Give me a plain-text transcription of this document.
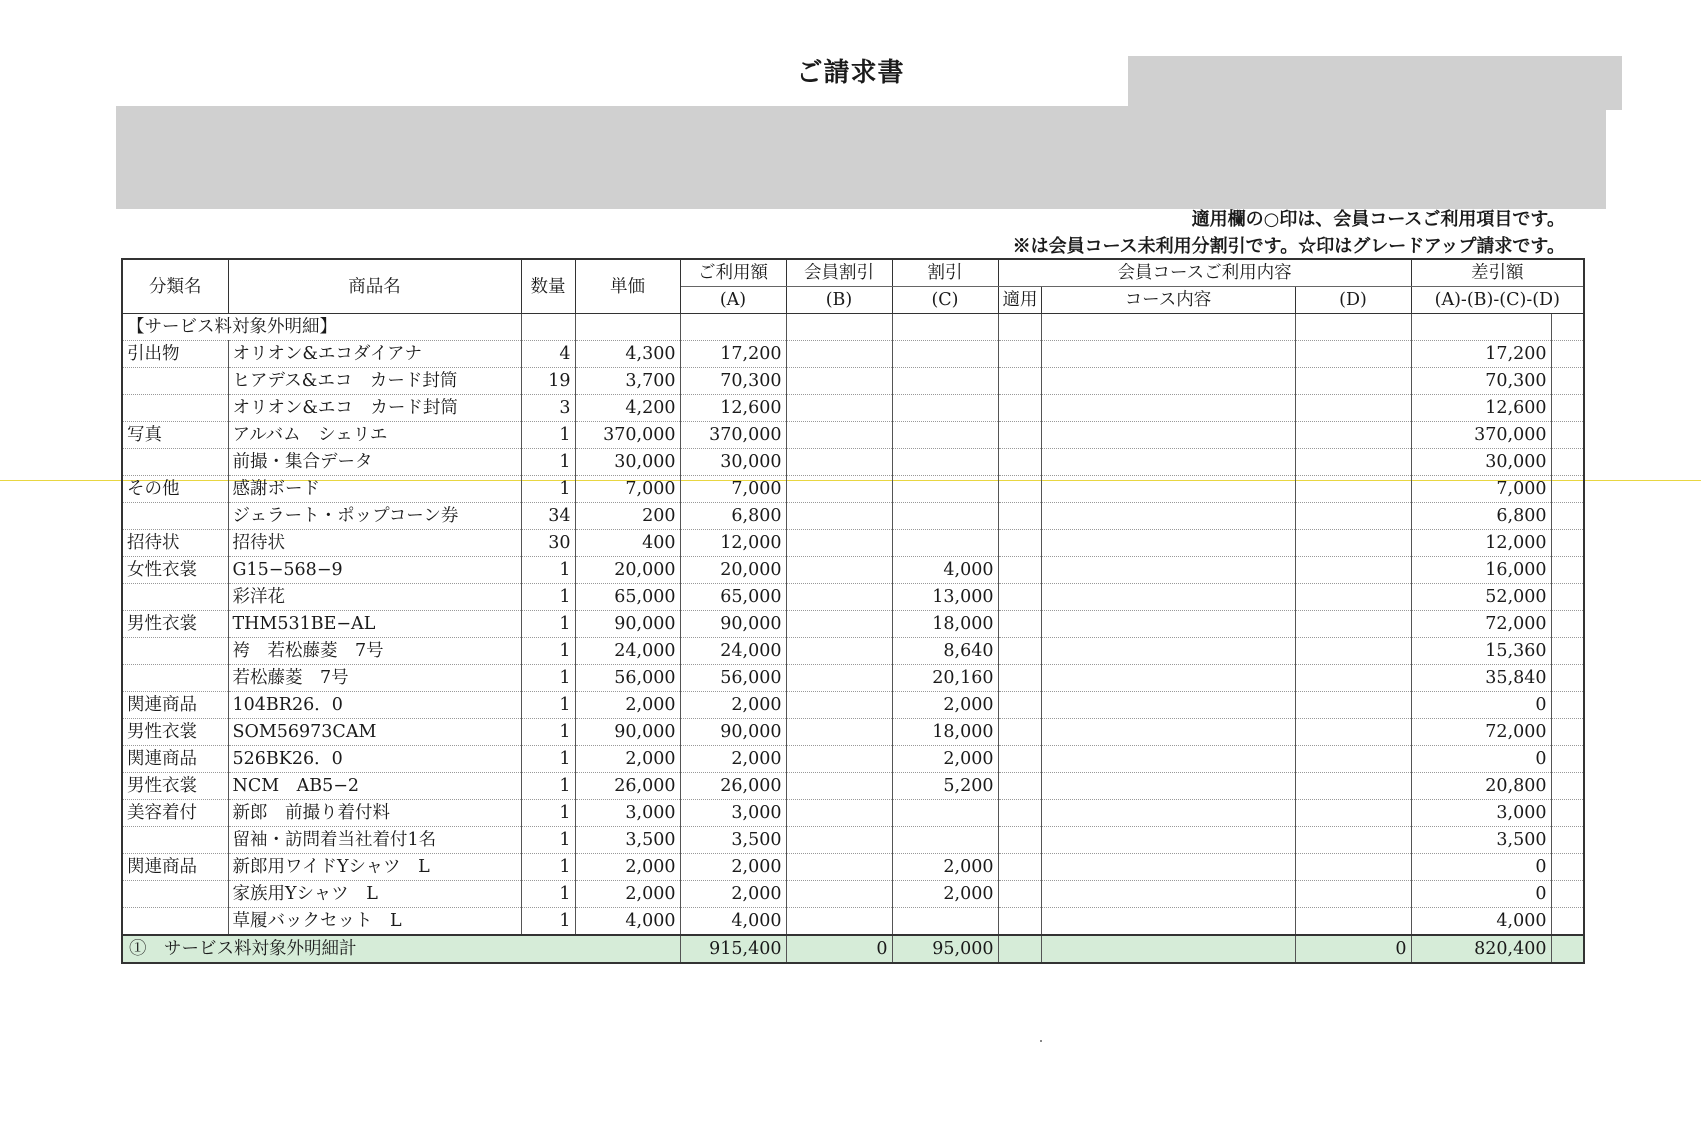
ご請求書
適用欄の○印は、会員コースご利用項目です。
※は会員コース未利用分割引です。☆印はグレードアップ請求です。
分類名	商品名	数量	単価	ご利用額	会員割引	割引	会員コースご利用内容			差引額	
				(A)	(B)	(C)	適用	コース内容	(D)	(A)-(B)-(C)-(D)	
【サービス料対象外明細】											
引出物	オリオン&エコダイアナ	4	4,300	17,200						17,200	
	ヒアデス&エコ　カード封筒	19	3,700	70,300						70,300	
	オリオン&エコ　カード封筒	3	4,200	12,600						12,600	
写真	アルバム　シェリエ	1	370,000	370,000						370,000	
	前撮・集合データ	1	30,000	30,000						30,000	
その他	感謝ボード	1	7,000	7,000						7,000	
	ジェラート・ポップコーン券	34	200	6,800						6,800	
招待状	招待状	30	400	12,000						12,000	
女性衣裳	G15−568−9	1	20,000	20,000		4,000				16,000	
	彩洋花	1	65,000	65,000		13,000				52,000	
男性衣裳	THM531BE−AL	1	90,000	90,000		18,000				72,000	
	袴　若松藤菱　7号	1	24,000	24,000		8,640				15,360	
	若松藤菱　7号	1	56,000	56,000		20,160				35,840	
関連商品	104BR26．0	1	2,000	2,000		2,000				0	
男性衣裳	SOM56973CAM	1	90,000	90,000		18,000				72,000	
関連商品	526BK26．0	1	2,000	2,000		2,000				0	
男性衣裳	NCM　AB5−2	1	26,000	26,000		5,200				20,800	
美容着付	新郎　前撮り着付料	1	3,000	3,000						3,000	
	留袖・訪問着当社着付1名	1	3,500	3,500						3,500	
関連商品	新郎用ワイドYシャツ　L	1	2,000	2,000		2,000				0	
	家族用Yシャツ　L	1	2,000	2,000		2,000				0	
	草履バックセット　L	1	4,000	4,000						4,000	
①　サービス料対象外明細計				915,400	0	95,000			0	820,400	
